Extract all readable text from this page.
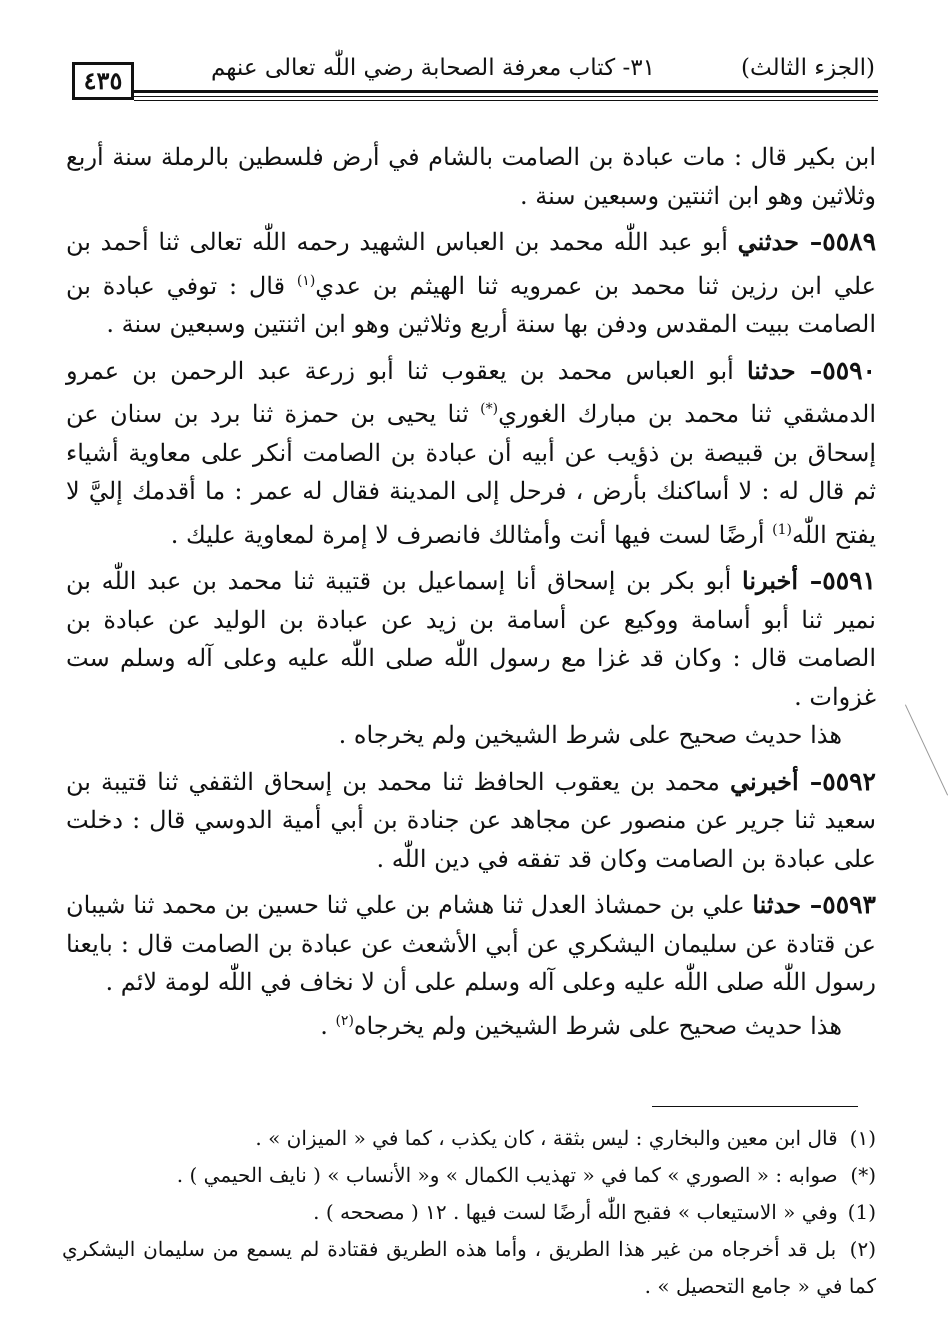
٤٣٥	٣١- كتاب معرفة الصحابة رضي اللّٰه تعالى عنهم	(الجزء الثالث)

ابن بكير قال : مات عبادة بن الصامت بالشام في أرض فلسطين بالرملة سنة أربع وثلاثين وهو ابن اثنتين وسبعين سنة .

٥٥٨٩– حدثني أبو عبد اللّٰه محمد بن العباس الشهيد رحمه اللّٰه تعالى ثنا أحمد بن علي ابن رزين ثنا محمد بن عمرويه ثنا الهيثم بن عدي$^{(١)}$ قال : توفي عبادة بن الصامت ببيت المقدس ودفن بها سنة أربع وثلاثين وهو ابن اثنتين وسبعين سنة .

٥٥٩٠– حدثنا أبو العباس محمد بن يعقوب ثنا أبو زرعة عبد الرحمن بن عمرو الدمشقي ثنا محمد بن مبارك الغوري(*) ثنا يحيى بن حمزة ثنا برد بن سنان عن إسحاق بن قبيصة بن ذؤيب عن أبيه أن عبادة بن الصامت أنكر على معاوية أشياء ثم قال له : لا أساكنك بأرض ، فرحل إلى المدينة فقال له عمر : ما أقدمك إليَّ لا يفتح اللّٰه$^{(1)}$ أرضًا لست فيها أنت وأمثالك فانصرف لا إمرة لمعاوية عليك .

٥٥٩١– أخبرنا أبو بكر بن إسحاق أنا إسماعيل بن قتيبة ثنا محمد بن عبد اللّٰه بن نمير ثنا أبو أسامة ووكيع عن أسامة بن زيد عن عبادة بن الوليد عن عبادة بن الصامت قال : وكان قد غزا مع رسول اللّٰه صلى اللّٰه عليه وعلى آله وسلم ست غزوات .

هذا حديث صحيح على شرط الشيخين ولم يخرجاه .

٥٥٩٢– أخبرني محمد بن يعقوب الحافظ ثنا محمد بن إسحاق الثقفي ثنا قتيبة بن سعيد ثنا جرير عن منصور عن مجاهد عن جنادة بن أبي أمية الدوسي قال : دخلت على عبادة بن الصامت وكان قد تفقه في دين اللّٰه .

٥٥٩٣– حدثنا علي بن حمشاذ العدل ثنا هشام بن علي ثنا حسين بن محمد ثنا شيبان عن قتادة عن سليمان اليشكري عن أبي الأشعث عن عبادة بن الصامت قال : بايعنا رسول اللّٰه صلى اللّٰه عليه وعلى آله وسلم على أن لا نخاف في اللّٰه لومة لائم .

هذا حديث صحيح على شرط الشيخين ولم يخرجاه$^{(٢)}$ .

(١) قال ابن معين والبخاري : ليس بثقة ، كان يكذب ، كما في « الميزان » .

(*) صوابه : « الصوري » كما في « تهذيب الكمال » و« الأنساب » ( نايف الحيمي ) .

(1) وفي « الاستيعاب » فقبح اللّٰه أرضًا لست فيها . ١٢ ( مصححه ) .

(٢) بل قد أخرجاه من غير هذا الطريق ، وأما هذه الطريق فقتادة لم يسمع من سليمان اليشكري كما في « جامع التحصيل » .
